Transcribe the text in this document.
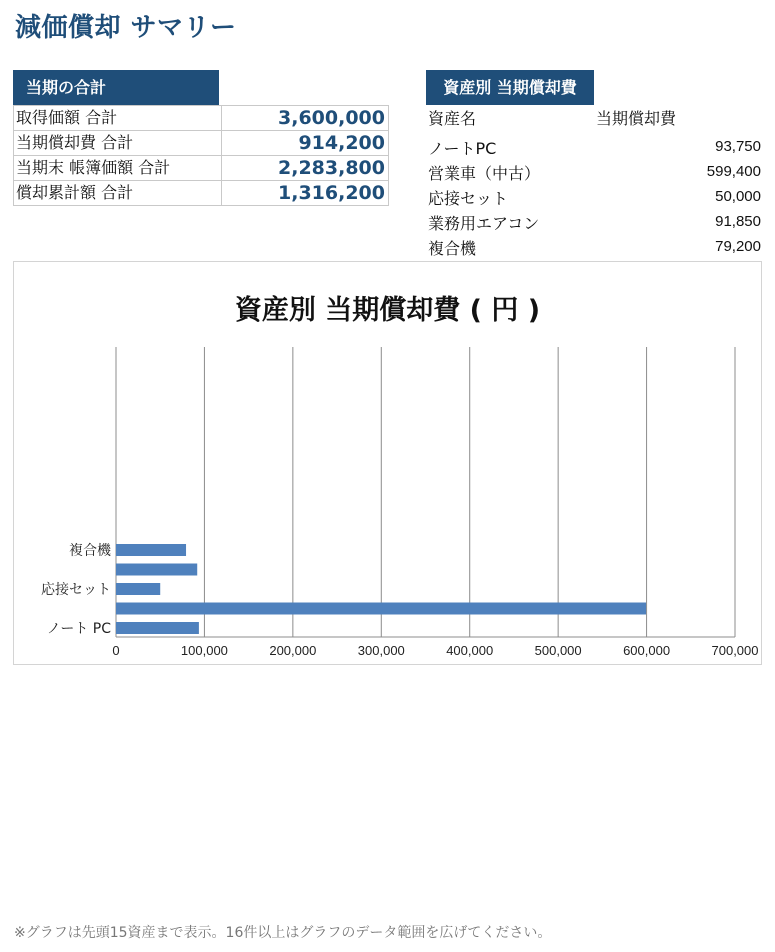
減価償却 サマリー
当期の合計
取得価額 合計	3,600,000
当期償却費 合計	914,200
当期末 帳簿価額 合計	2,283,800
償却累計額 合計	1,316,200
資産別 当期償却費
資産名	当期償却費
ノートPC	93,750
営業車（中古）	599,400
応接セット	50,000
業務用エアコン	91,850
複合機	79,200
資産別 当期償却費 ( 円 )
0	100,000	200,000	300,000	400,000	500,000	600,000	700,000
ノート PC
応接セット
複合機
※グラフは先頭15資産まで表示。16件以上はグラフのデータ範囲を広げてください。
